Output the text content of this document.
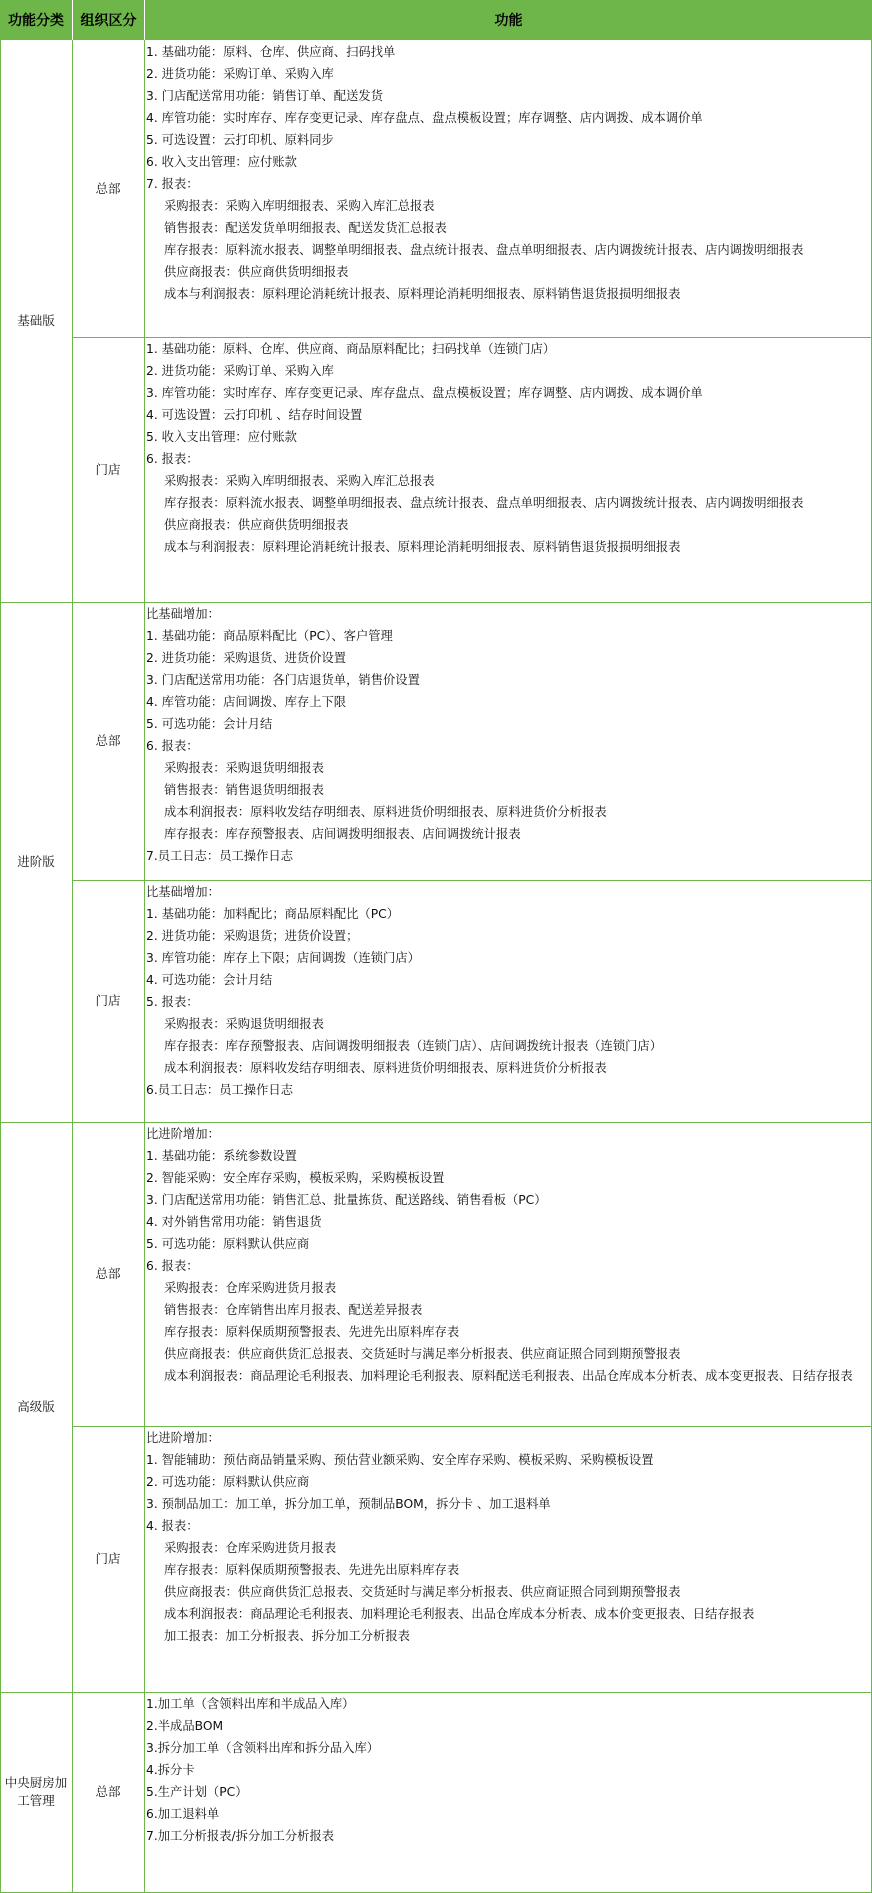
功能分类	组织区分	功能
基础版
进阶版
高级版
中央厨房加工管理
总部
门店
总部
门店
总部
门店
总部
1. 基础功能：原料、仓库、供应商、扫码找单
2. 进货功能：采购订单、采购入库
3. 门店配送常用功能：销售订单、配送发货
4. 库管功能：实时库存、库存变更记录、库存盘点、盘点模板设置；库存调整、店内调拨、成本调价单
5. 可选设置：云打印机、原料同步
6. 收入支出管理：应付账款
7. 报表：
采购报表：采购入库明细报表、采购入库汇总报表
销售报表：配送发货单明细报表、配送发货汇总报表
库存报表：原料流水报表、调整单明细报表、盘点统计报表、盘点单明细报表、店内调拨统计报表、店内调拨明细报表
供应商报表：供应商供货明细报表
成本与利润报表：原料理论消耗统计报表、原料理论消耗明细报表、原料销售退货报损明细报表
1. 基础功能：原料、仓库、供应商、商品原料配比；扫码找单（连锁门店）
2. 进货功能：采购订单、采购入库
3. 库管功能：实时库存、库存变更记录、库存盘点、盘点模板设置；库存调整、店内调拨、成本调价单
4. 可选设置：云打印机 、结存时间设置
5. 收入支出管理：应付账款
6. 报表：
采购报表：采购入库明细报表、采购入库汇总报表
库存报表：原料流水报表、调整单明细报表、盘点统计报表、盘点单明细报表、店内调拨统计报表、店内调拨明细报表
供应商报表：供应商供货明细报表
成本与利润报表：原料理论消耗统计报表、原料理论消耗明细报表、原料销售退货报损明细报表
比基础增加：
1. 基础功能：商品原料配比（PC）、客户管理
2. 进货功能：采购退货、进货价设置
3. 门店配送常用功能：各门店退货单，销售价设置
4. 库管功能：店间调拨、库存上下限
5. 可选功能：会计月结
6. 报表：
采购报表：采购退货明细报表
销售报表：销售退货明细报表
成本利润报表：原料收发结存明细表、原料进货价明细报表、原料进货价分析报表
库存报表：库存预警报表、店间调拨明细报表、店间调拨统计报表
7.员工日志：员工操作日志
比基础增加：
1. 基础功能：加料配比；商品原料配比（PC）
2. 进货功能：采购退货；进货价设置；
3. 库管功能：库存上下限；店间调拨（连锁门店）
4. 可选功能：会计月结
5. 报表：
采购报表：采购退货明细报表
库存报表：库存预警报表、店间调拨明细报表（连锁门店）、店间调拨统计报表（连锁门店）
成本利润报表：原料收发结存明细表、原料进货价明细报表、原料进货价分析报表
6.员工日志：员工操作日志
比进阶增加：
1. 基础功能：系统参数设置
2. 智能采购：安全库存采购，模板采购，采购模板设置
3. 门店配送常用功能：销售汇总、批量拣货、配送路线、销售看板（PC）
4. 对外销售常用功能：销售退货
5. 可选功能：原料默认供应商
6. 报表：
采购报表：仓库采购进货月报表
销售报表：仓库销售出库月报表、配送差异报表
库存报表：原料保质期预警报表、先进先出原料库存表
供应商报表：供应商供货汇总报表、交货延时与满足率分析报表、供应商证照合同到期预警报表
成本利润报表：商品理论毛利报表、加料理论毛利报表、原料配送毛利报表、出品仓库成本分析表、成本变更报表、日结存报表
比进阶增加：
1. 智能辅助：预估商品销量采购、预估营业额采购、安全库存采购、模板采购、采购模板设置
2. 可选功能：原料默认供应商
3. 预制品加工：加工单，拆分加工单，预制品BOM，拆分卡 、加工退料单
4. 报表：
采购报表：仓库采购进货月报表
库存报表：原料保质期预警报表、先进先出原料库存表
供应商报表：供应商供货汇总报表、交货延时与满足率分析报表、供应商证照合同到期预警报表
成本利润报表：商品理论毛利报表、加料理论毛利报表、出品仓库成本分析表、成本价变更报表、日结存报表
加工报表：加工分析报表、拆分加工分析报表
1.加工单（含领料出库和半成品入库）
2.半成品BOM
3.拆分加工单（含领料出库和拆分品入库）
4.拆分卡
5.生产计划（PC）
6.加工退料单
7.加工分析报表/拆分加工分析报表
